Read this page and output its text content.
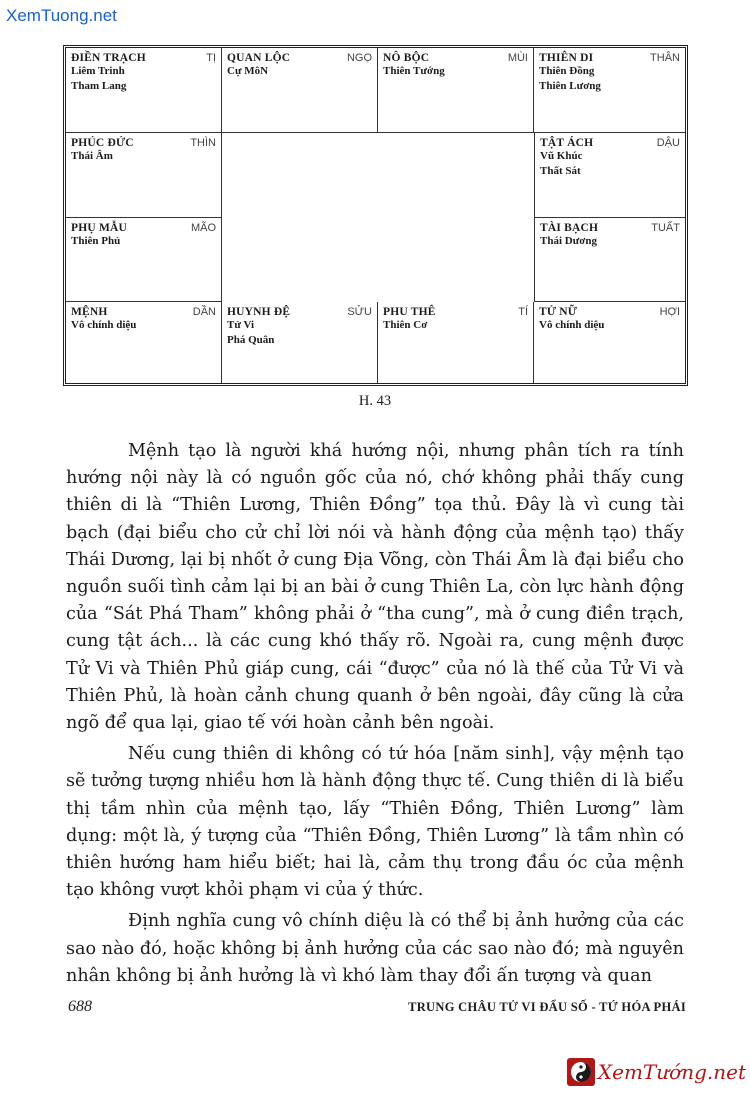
XemTuong.net
ĐIỀN TRẠCH	TỊ
Liêm Trinh
Tham Lang
QUAN LỘC	NGỌ
Cự MôN
NÔ BỘC	MÙI
Thiên Tướng
THIÊN DI	THÂN
Thiên Đồng
Thiên Lương
PHÚC ĐỨC	THÌN
Thái Âm
TẬT ÁCH	DẬU
Vũ Khúc
Thất Sát
PHỤ MẪU	MÃO
Thiên Phủ
TÀI BẠCH	TUẤT
Thái Dương
MỆNH	DẦN
Vô chính diệu
HUYNH ĐỆ	SỬU
Tử Vi
Phá Quân
PHU THÊ	TÍ
Thiên Cơ
TỬ NỮ	HỢI
Vô chính diệu
H. 43

Mệnh tạo là người khá hướng nội, nhưng phân tích ra tính hướng nội này là có nguồn gốc của nó, chớ không phải thấy cung thiên di là “Thiên Lương, Thiên Đồng” tọa thủ. Đây là vì cung tài bạch (đại biểu cho cử chỉ lời nói và hành động của mệnh tạo) thấy Thái Dương, lại bị nhốt ở cung Địa Võng, còn Thái Âm là đại biểu cho nguồn suối tình cảm lại bị an bài ở cung Thiên La, còn lực hành động của “Sát Phá Tham” không phải ở “tha cung”, mà ở cung điền trạch, cung tật ách... là các cung khó thấy rõ. Ngoài ra, cung mệnh được Tử Vi và Thiên Phủ giáp cung, cái “được” của nó là thế của Tử Vi và Thiên Phủ, là hoàn cảnh chung quanh ở bên ngoài, đây cũng là cửa ngõ để qua lại, giao tế với hoàn cảnh bên ngoài.

Nếu cung thiên di không có tứ hóa [năm sinh], vậy mệnh tạo sẽ tưởng tượng nhiều hơn là hành động thực tế. Cung thiên di là biểu thị tầm nhìn của mệnh tạo, lấy “Thiên Đồng, Thiên Lương” làm dụng: một là, ý tượng của “Thiên Đồng, Thiên Lương” là tầm nhìn có thiên hướng ham hiểu biết; hai là, cảm thụ trong đầu óc của mệnh tạo không vượt khỏi phạm vi của ý thức.

Định nghĩa cung vô chính diệu là có thể bị ảnh hưởng của các sao nào đó, hoặc không bị ảnh hưởng của các sao nào đó; mà nguyên nhân không bị ảnh hưởng là vì khó làm thay đổi ấn tượng và quan

688	TRUNG CHÂU TỬ VI ĐẨU SỐ - TỨ HÓA PHÁI
XemTướng.net
